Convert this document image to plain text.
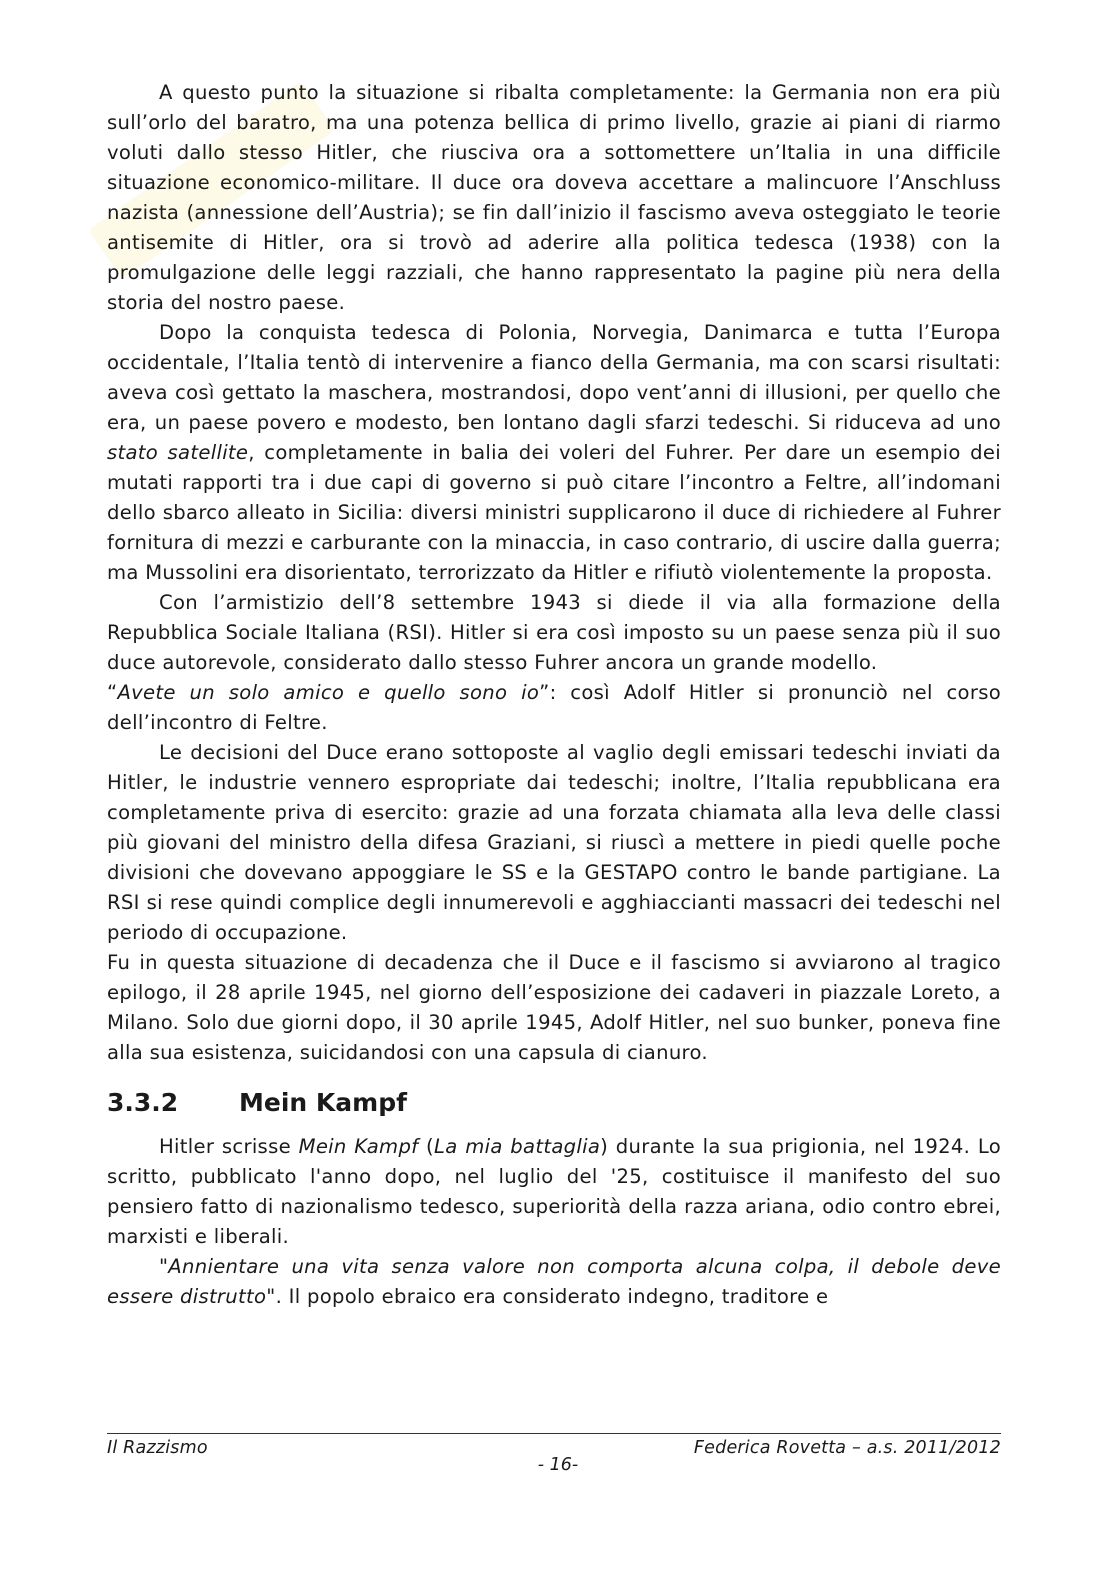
A questo punto la situazione si ribalta completamente: la Germania non era più sull’orlo del baratro, ma una potenza bellica di primo livello, grazie ai piani di riarmo voluti dallo stesso Hitler, che riusciva ora a sottomettere un’Italia in una difficile situazione economico-militare. Il duce ora doveva accettare a malincuore l’Anschluss nazista (annessione dell’Austria); se fin dall’inizio il fascismo aveva osteggiato le teorie antisemite di Hitler, ora si trovò ad aderire alla politica tedesca (1938) con la promulgazione delle leggi razziali, che hanno rappresentato la pagine più nera della storia del nostro paese.

Dopo la conquista tedesca di Polonia, Norvegia, Danimarca e tutta l’Europa occidentale, l’Italia tentò di intervenire a fianco della Germania, ma con scarsi risultati: aveva così gettato la maschera, mostrandosi, dopo vent’anni di illusioni, per quello che era, un paese povero e modesto, ben lontano dagli sfarzi tedeschi. Si riduceva ad uno stato satellite, completamente in balia dei voleri del Fuhrer. Per dare un esempio dei mutati rapporti tra i due capi di governo si può citare l’incontro a Feltre, all’indomani dello sbarco alleato in Sicilia: diversi ministri supplicarono il duce di richiedere al Fuhrer fornitura di mezzi e carburante con la minaccia, in caso contrario, di uscire dalla guerra; ma Mussolini era disorientato, terrorizzato da Hitler e rifiutò violentemente la proposta.

Con l’armistizio dell’8 settembre 1943 si diede il via alla formazione della Repubblica Sociale Italiana (RSI). Hitler si era così imposto su un paese senza più il suo duce autorevole, considerato dallo stesso Fuhrer ancora un grande modello.

“Avete un solo amico e quello sono io”: così Adolf Hitler si pronunciò nel corso dell’incontro di Feltre.

Le decisioni del Duce erano sottoposte al vaglio degli emissari tedeschi inviati da Hitler, le industrie vennero espropriate dai tedeschi; inoltre, l’Italia repubblicana era completamente priva di esercito: grazie ad una forzata chiamata alla leva delle classi più giovani del ministro della difesa Graziani, si riuscì a mettere in piedi quelle poche divisioni che dovevano appoggiare le SS e la GESTAPO contro le bande partigiane. La RSI si rese quindi complice degli innumerevoli e agghiaccianti massacri dei tedeschi nel periodo di occupazione.

Fu in questa situazione di decadenza che il Duce e il fascismo si avviarono al tragico epilogo, il 28 aprile 1945, nel giorno dell’esposizione dei cadaveri in piazzale Loreto, a Milano. Solo due giorni dopo, il 30 aprile 1945, Adolf Hitler, nel suo bunker, poneva fine alla sua esistenza, suicidandosi con una capsula di cianuro.

3.3.2 Mein Kampf

Hitler scrisse Mein Kampf (La mia battaglia) durante la sua prigionia, nel 1924. Lo scritto, pubblicato l'anno dopo, nel luglio del '25, costituisce il manifesto del suo pensiero fatto di nazionalismo tedesco, superiorità della razza ariana, odio contro ebrei, marxisti e liberali.

"Annientare una vita senza valore non comporta alcuna colpa, il debole deve essere distrutto". Il popolo ebraico era considerato indegno, traditore e

Il Razzismo	Federica Rovetta – a.s. 2011/2012
- 16-
